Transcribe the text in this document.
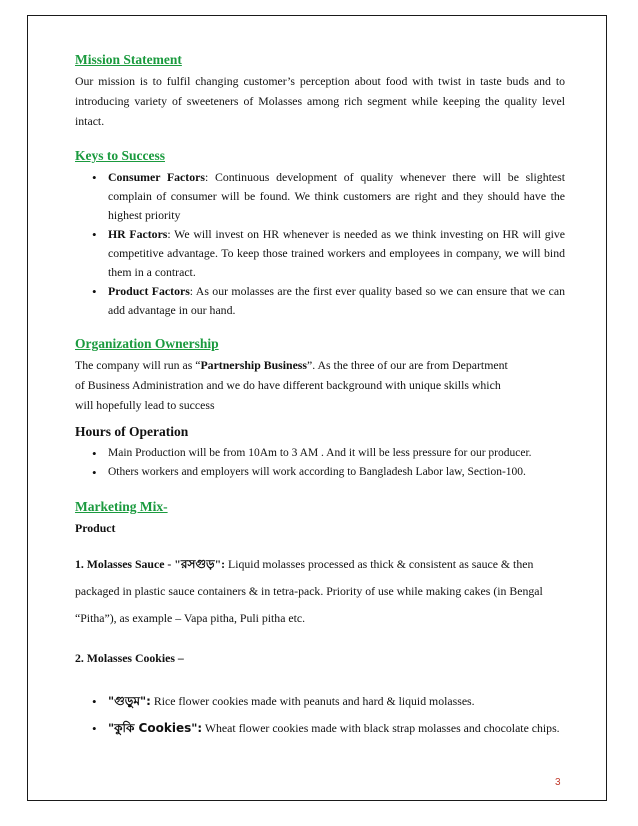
Mission Statement

Our mission is to fulfil changing customer’s perception about food with twist in taste buds and to introducing variety of sweeteners of Molasses among rich segment while keeping the quality level intact.

Keys to Success
• Consumer Factors: Continuous development of quality whenever there will be slightest complain of consumer will be found. We think customers are right and they should have the highest priority
• HR Factors: We will invest on HR whenever is needed as we think investing on HR will give competitive advantage. To keep those trained workers and employees in company, we will bind them in a contract.
• Product Factors: As our molasses are the first ever quality based so we can ensure that we can add advantage in our hand.
Organization Ownership

The company will run as “Partnership Business”. As the three of our are from Department
of Business Administration and we do have different background with unique skills which
will hopefully lead to success

Hours of Operation
• Main Production will be from 10Am to 3 AM . And it will be less pressure for our producer.
• Others workers and employers will work according to Bangladesh Labor law, Section-100.
Marketing Mix-

Product

1. Molasses Sauce - "রসগুড়": Liquid molasses processed as thick & consistent as sauce & then packaged in plastic sauce containers & in tetra-pack. Priority of use while making cakes (in Bengal “Pitha”), as example – Vapa pitha, Puli pitha etc.

2. Molasses Cookies –

• "গুড়ুম": Rice flower cookies made with peanuts and hard & liquid molasses.
• "কুকি Cookies": Wheat flower cookies made with black strap molasses and chocolate chips.
3
